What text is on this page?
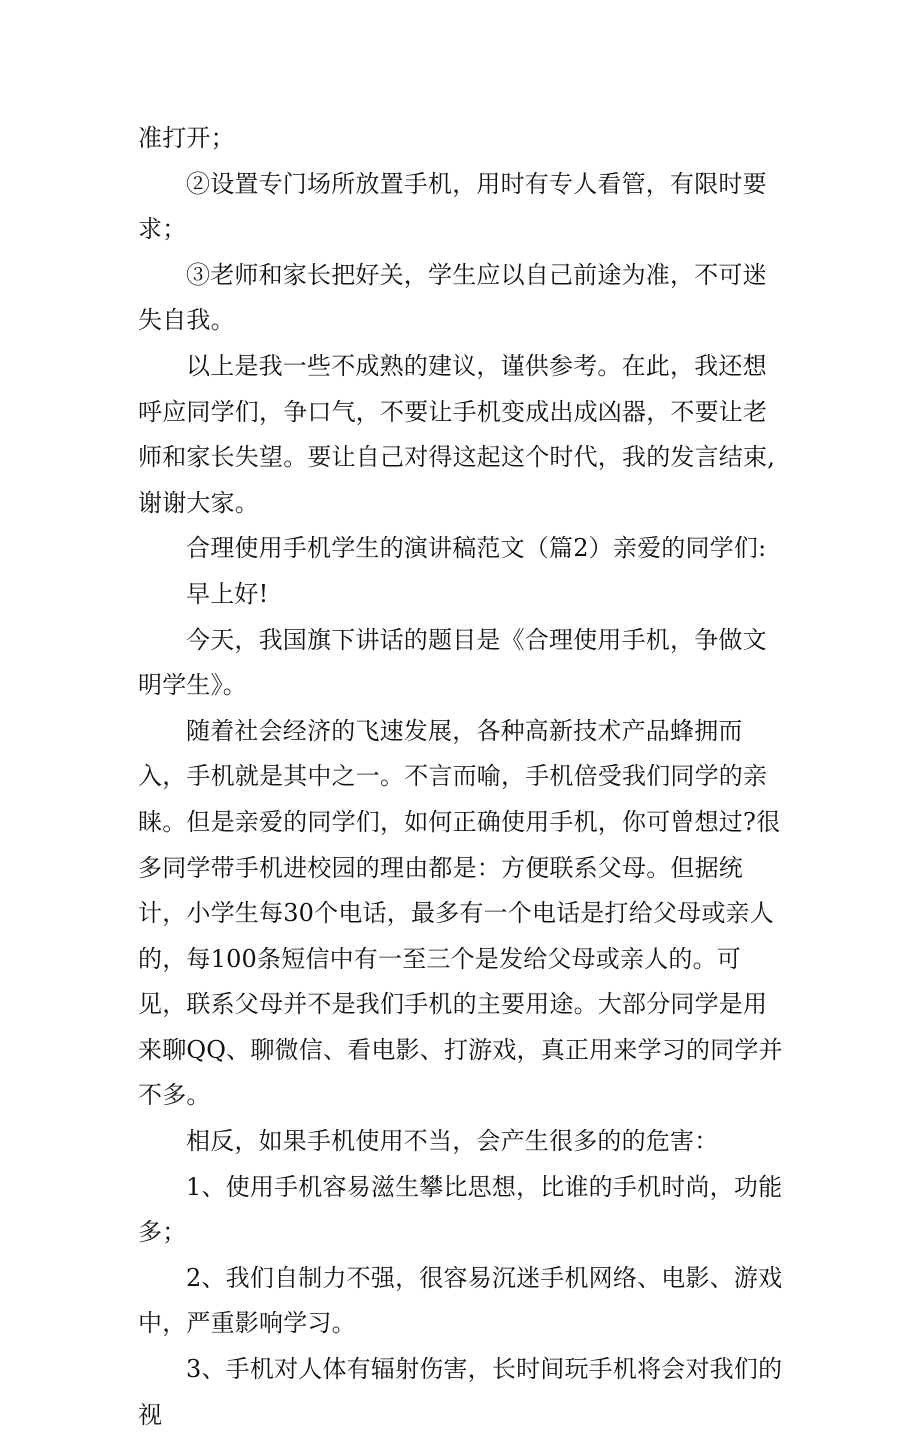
准打开；

②设置专门场所放置手机，用时有专人看管，有限时要求；

③老师和家长把好关，学生应以自己前途为准，不可迷失自我。

以上是我一些不成熟的建议，谨供参考。在此，我还想呼应同学们，争口气，不要让手机变成出成凶器，不要让老师和家长失望。要让自己对得这起这个时代，我的发言结束,谢谢大家。

合理使用手机学生的演讲稿范文（篇2）亲爱的同学们:

早上好!

今天，我国旗下讲话的题目是《合理使用手机，争做文明学生》。

随着社会经济的飞速发展，各种高新技术产品蜂拥而入，手机就是其中之一。不言而喻，手机倍受我们同学的亲睐。但是亲爱的同学们，如何正确使用手机，你可曾想过?很多同学带手机进校园的理由都是：方便联系父母。但据统计，小学生每30个电话，最多有一个电话是打给父母或亲人的，每100条短信中有一至三个是发给父母或亲人的。可见，联系父母并不是我们手机的主要用途。大部分同学是用来聊QQ、聊微信、看电影、打游戏，真正用来学习的同学并不多。

相反，如果手机使用不当，会产生很多的的危害：

1、使用手机容易滋生攀比思想，比谁的手机时尚，功能多；

2、我们自制力不强，很容易沉迷手机网络、电影、游戏中，严重影响学习。

3、手机对人体有辐射伤害，长时间玩手机将会对我们的视
